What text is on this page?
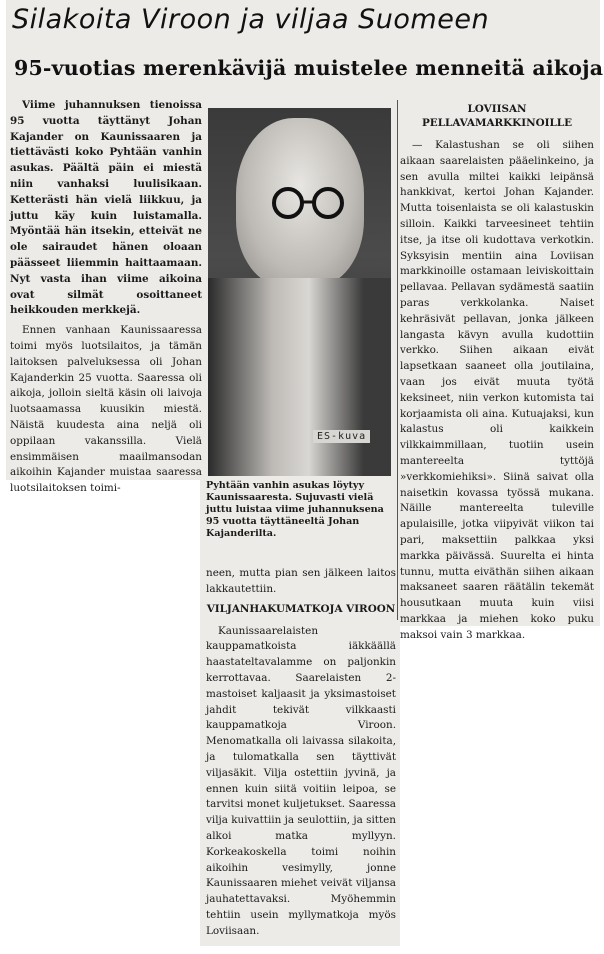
Silakoita Viroon ja viljaa Suomeen
95-vuotias merenkävijä muistelee menneitä aikoja

Viime juhannuksen tienoissa 95 vuotta täyttänyt Johan Kajander on Kaunissaaren ja tiettävästi koko Pyhtään vanhin asukas. Päältä päin ei miestä niin vanhaksi luulisikaan. Ketterästi hän vielä liikkuu, ja juttu käy kuin luistamalla. Myöntää hän itsekin, etteivät ne ole sairaudet hänen oloaan päässeet liiemmin haittaamaan. Nyt vasta ihan viime aikoina ovat silmät osoittaneet heikkouden merkkejä.

Ennen vanhaan Kaunissaaressa toimi myös luotsilaitos, ja tämän laitoksen palveluksessa oli Johan Kajanderkin 25 vuotta. Saaressa oli aikoja, jolloin sieltä käsin oli laivoja luotsaamassa kuusikin miestä. Näistä kuudesta aina neljä oli oppilaan vakanssilla. Vielä ensimmäisen maailmansodan aikoihin Kajander muistaa saaressa luotsilaitoksen toimi-

ES-kuva
Pyhtään vanhin asukas löytyy Kaunissaaresta. Sujuvasti vielä juttu luistaa viime juhannuksena 95 vuotta täyttäneeltä Johan Kajanderilta.

neen, mutta pian sen jälkeen laitos lakkautettiin.

VILJANHAKUMATKOJA VIROON

Kaunissaarelaisten kauppamatkoista iäkkäällä haastateltavalamme on paljonkin kerrottavaa. Saarelaisten 2-mastoiset kaljaasit ja yksimastoiset jahdit tekivät vilkkaasti kauppamatkoja Viroon. Menomatkalla oli laivassa silakoita, ja tulomatkalla sen täyttivät viljasäkit. Vilja ostettiin jyvinä, ja ennen kuin siitä voitiin leipoa, se tarvitsi monet kuljetukset. Saaressa vilja kuivattiin ja seulottiin, ja sitten alkoi matka myllyyn. Korkeakoskella toimi noihin aikoihin vesimylly, jonne Kaunissaaren miehet veivät viljansa jauhatettavaksi. Myöhemmin tehtiin usein myllymatkoja myös Loviisaan.

LOVIISAN PELLAVAMARKKINOILLE

— Kalastushan se oli siihen aikaan saarelaisten pääelinkeino, ja sen avulla miltei kaikki leipänsä hankkivat, kertoi Johan Kajander. Mutta toisenlaista se oli kalastuskin silloin. Kaikki tarveesineet tehtiin itse, ja itse oli kudottava verkotkin. Syksyisin mentiin aina Loviisan markkinoille ostamaan leiviskoittain pellavaa. Pellavan sydämestä saatiin paras verkkolanka. Naiset kehräsivät pellavan, jonka jälkeen langasta kävyn avulla kudottiin verkko. Siihen aikaan eivät lapsetkaan saaneet olla joutilaina, vaan jos eivät muuta työtä keksineet, niin verkon kutomista tai korjaamista oli aina. Kutuajaksi, kun kalastus oli kaikkein vilkkaimmillaan, tuotiin usein mantereelta tyttöjä »verkkomiehiksi». Siinä saivat olla naisetkin kovassa työssä mukana. Näille mantereelta tuleville apulaisille, jotka viipyivät viikon tai pari, maksettiin palkkaa yksi markka päivässä. Suurelta ei hinta tunnu, mutta eiväthän siihen aikaan maksaneet saaren räätälin tekemät housutkaan muuta kuin viisi markkaa ja miehen koko puku maksoi vain 3 markkaa.
